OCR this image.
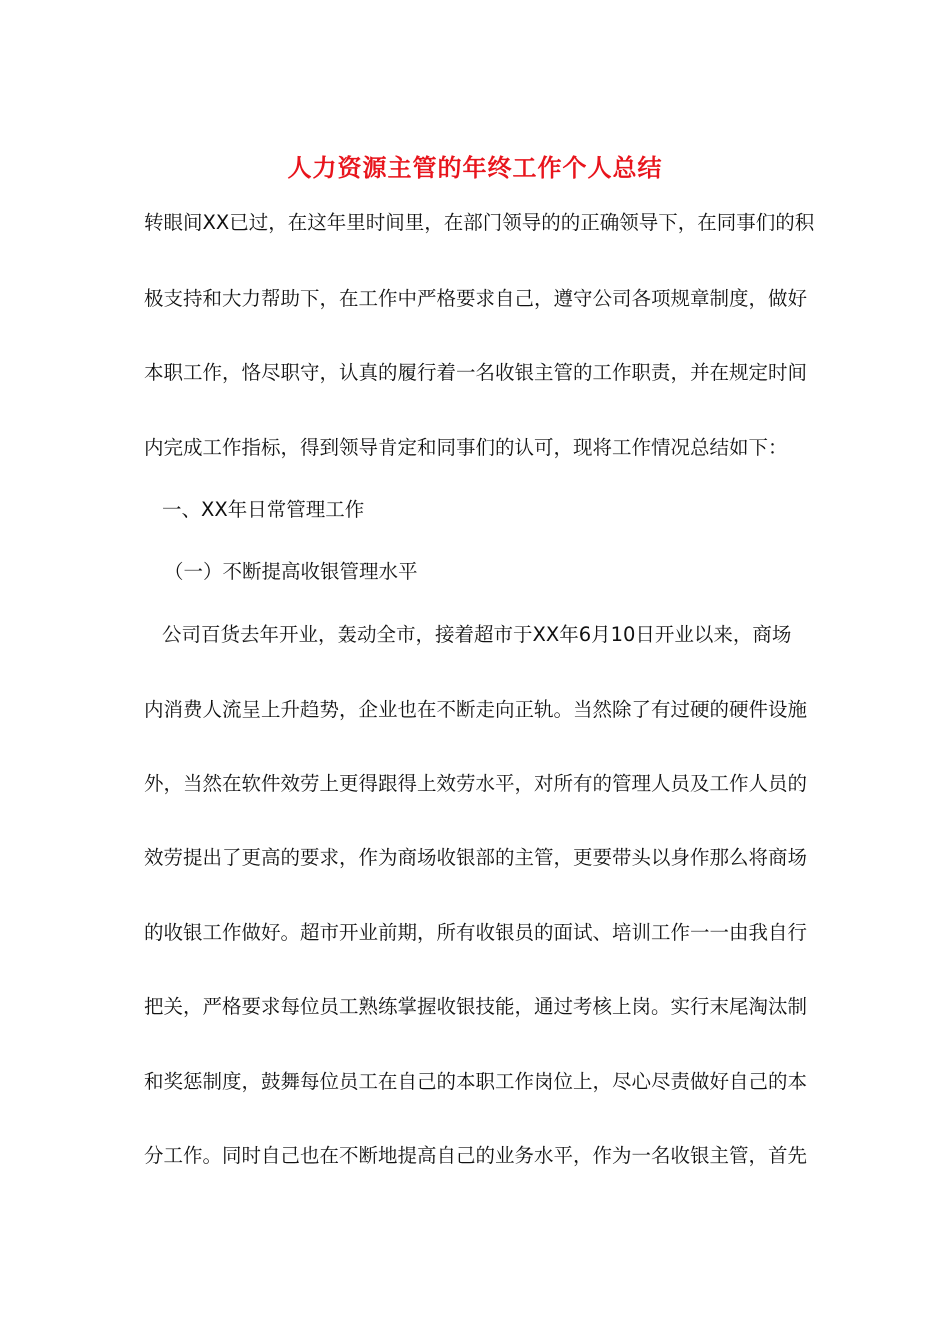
人力资源主管的年终工作个人总结
转眼间XX已过，在这年里时间里，在部门领导的的正确领导下，在同事们的积
极支持和大力帮助下，在工作中严格要求自己，遵守公司各项规章制度，做好
本职工作，恪尽职守，认真的履行着一名收银主管的工作职责，并在规定时间
内完成工作指标，得到领导肯定和同事们的认可，现将工作情况总结如下：
一、XX年日常管理工作
（一）不断提高收银管理水平
公司百货去年开业，轰动全市，接着超市于XX年6月10日开业以来，商场
内消费人流呈上升趋势，企业也在不断走向正轨。当然除了有过硬的硬件设施
外，当然在软件效劳上更得跟得上效劳水平，对所有的管理人员及工作人员的
效劳提出了更高的要求，作为商场收银部的主管，更要带头以身作那么将商场
的收银工作做好。超市开业前期，所有收银员的面试、培训工作一一由我自行
把关，严格要求每位员工熟练掌握收银技能，通过考核上岗。实行末尾淘汰制
和奖惩制度，鼓舞每位员工在自己的本职工作岗位上，尽心尽责做好自己的本
分工作。同时自己也在不断地提高自己的业务水平，作为一名收银主管，首先
